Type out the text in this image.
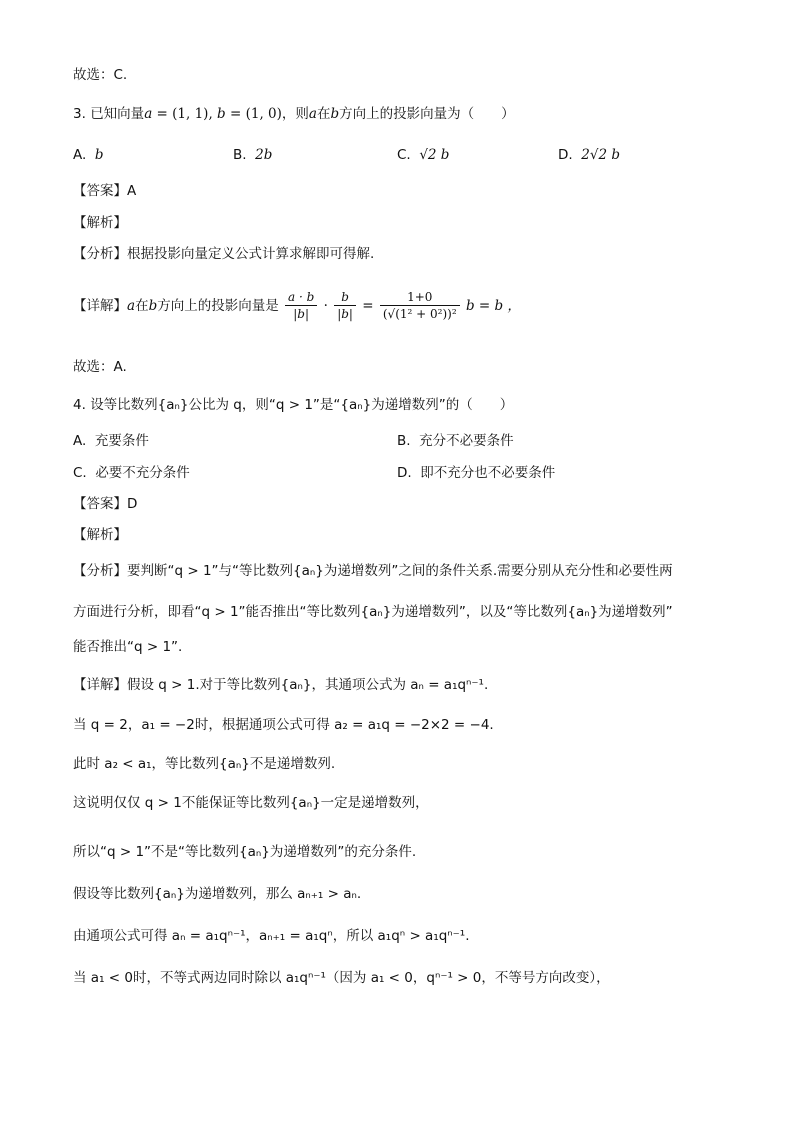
故选：C.
3. 已知向量a = (1, 1), b = (1, 0)，则a在b方向上的投影向量为（　　）
A. b	B. 2b	C. √2 b	D. 2√2 b
【答案】A
【解析】
【分析】根据投影向量定义公式计算求解即可得解.
【详解】a在b方向上的投影向量是 $\frac{a \cdot b}{|b|} \cdot \frac{b}{|b|} = \frac{1+0}{\text{(√(1² + 0²))²}}$ b = b ，
故选：A.
4. 设等比数列{aₙ}公比为 q，则“q > 1”是“{aₙ}为递增数列”的（　　）
A. 充要条件	B. 充分不必要条件
C. 必要不充分条件	D. 即不充分也不必要条件
【答案】D
【解析】
【分析】要判断“q > 1”与“等比数列{aₙ}为递增数列”之间的条件关系.需要分别从充分性和必要性两
方面进行分析，即看“q > 1”能否推出“等比数列{aₙ}为递增数列”，以及“等比数列{aₙ}为递增数列”
能否推出“q > 1”.
【详解】假设 q > 1.对于等比数列{aₙ}，其通项公式为 aₙ = a₁qⁿ⁻¹.
当 q = 2，a₁ = −2时，根据通项公式可得 a₂ = a₁q = −2×2 = −4.
此时 a₂ < a₁，等比数列{aₙ}不是递增数列.
这说明仅仅 q > 1不能保证等比数列{aₙ}一定是递增数列，
所以“q > 1”不是“等比数列{aₙ}为递增数列”的充分条件.
假设等比数列{aₙ}为递增数列，那么 aₙ₊₁ > aₙ.
由通项公式可得 aₙ = a₁qⁿ⁻¹，aₙ₊₁ = a₁qⁿ，所以 a₁qⁿ > a₁qⁿ⁻¹.
当 a₁ < 0时，不等式两边同时除以 a₁qⁿ⁻¹（因为 a₁ < 0，qⁿ⁻¹ > 0，不等号方向改变），
